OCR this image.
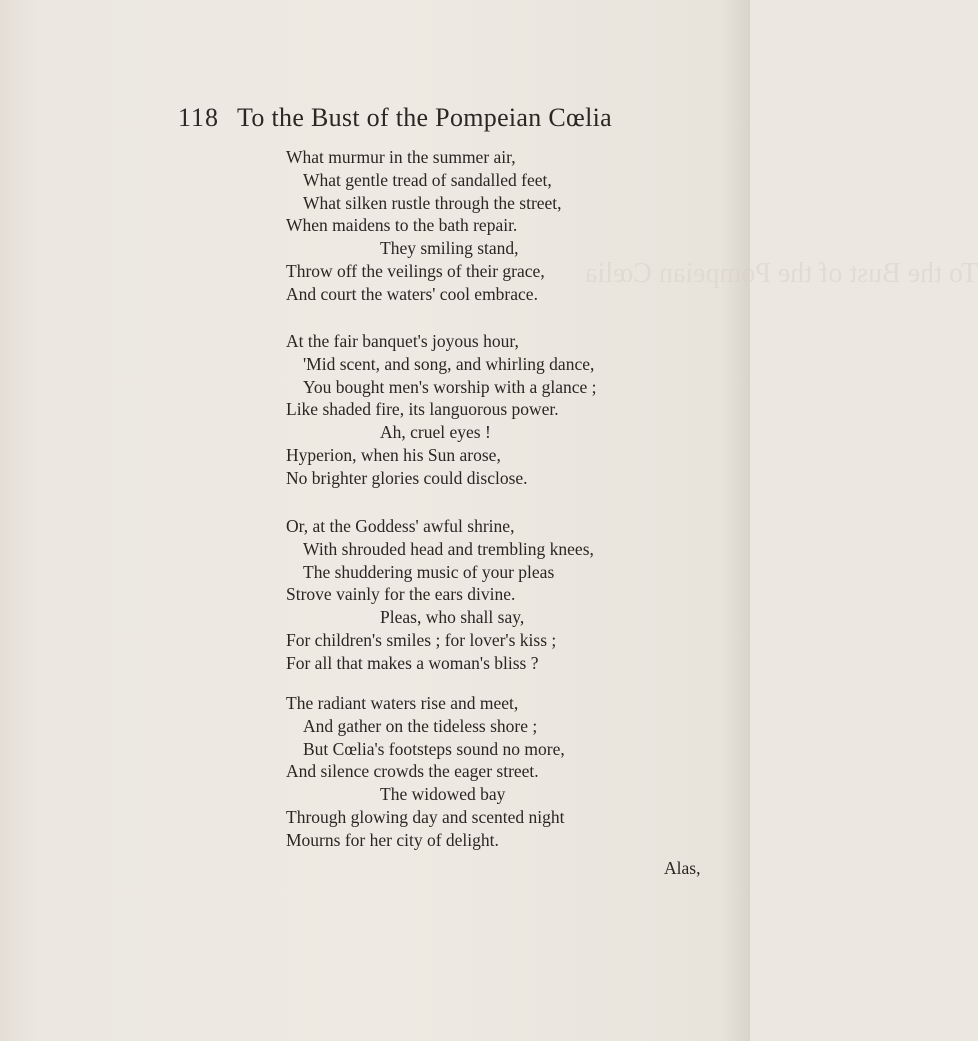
To the Bust of the Pompeian Cœlia
118 To the Bust of the Pompeian Cœlia
What murmur in the summer air,
What gentle tread of sandalled feet,
What silken rustle through the street,
When maidens to the bath repair.
They smiling stand,
Throw off the veilings of their grace,
And court the waters' cool embrace.
At the fair banquet's joyous hour,
'Mid scent, and song, and whirling dance,
You bought men's worship with a glance ;
Like shaded fire, its languorous power.
Ah, cruel eyes !
Hyperion, when his Sun arose,
No brighter glories could disclose.
Or, at the Goddess' awful shrine,
With shrouded head and trembling knees,
The shuddering music of your pleas
Strove vainly for the ears divine.
Pleas, who shall say,
For children's smiles ; for lover's kiss ;
For all that makes a woman's bliss ?
The radiant waters rise and meet,
And gather on the tideless shore ;
But Cœlia's footsteps sound no more,
And silence crowds the eager street.
The widowed bay
Through glowing day and scented night
Mourns for her city of delight.
Alas,
